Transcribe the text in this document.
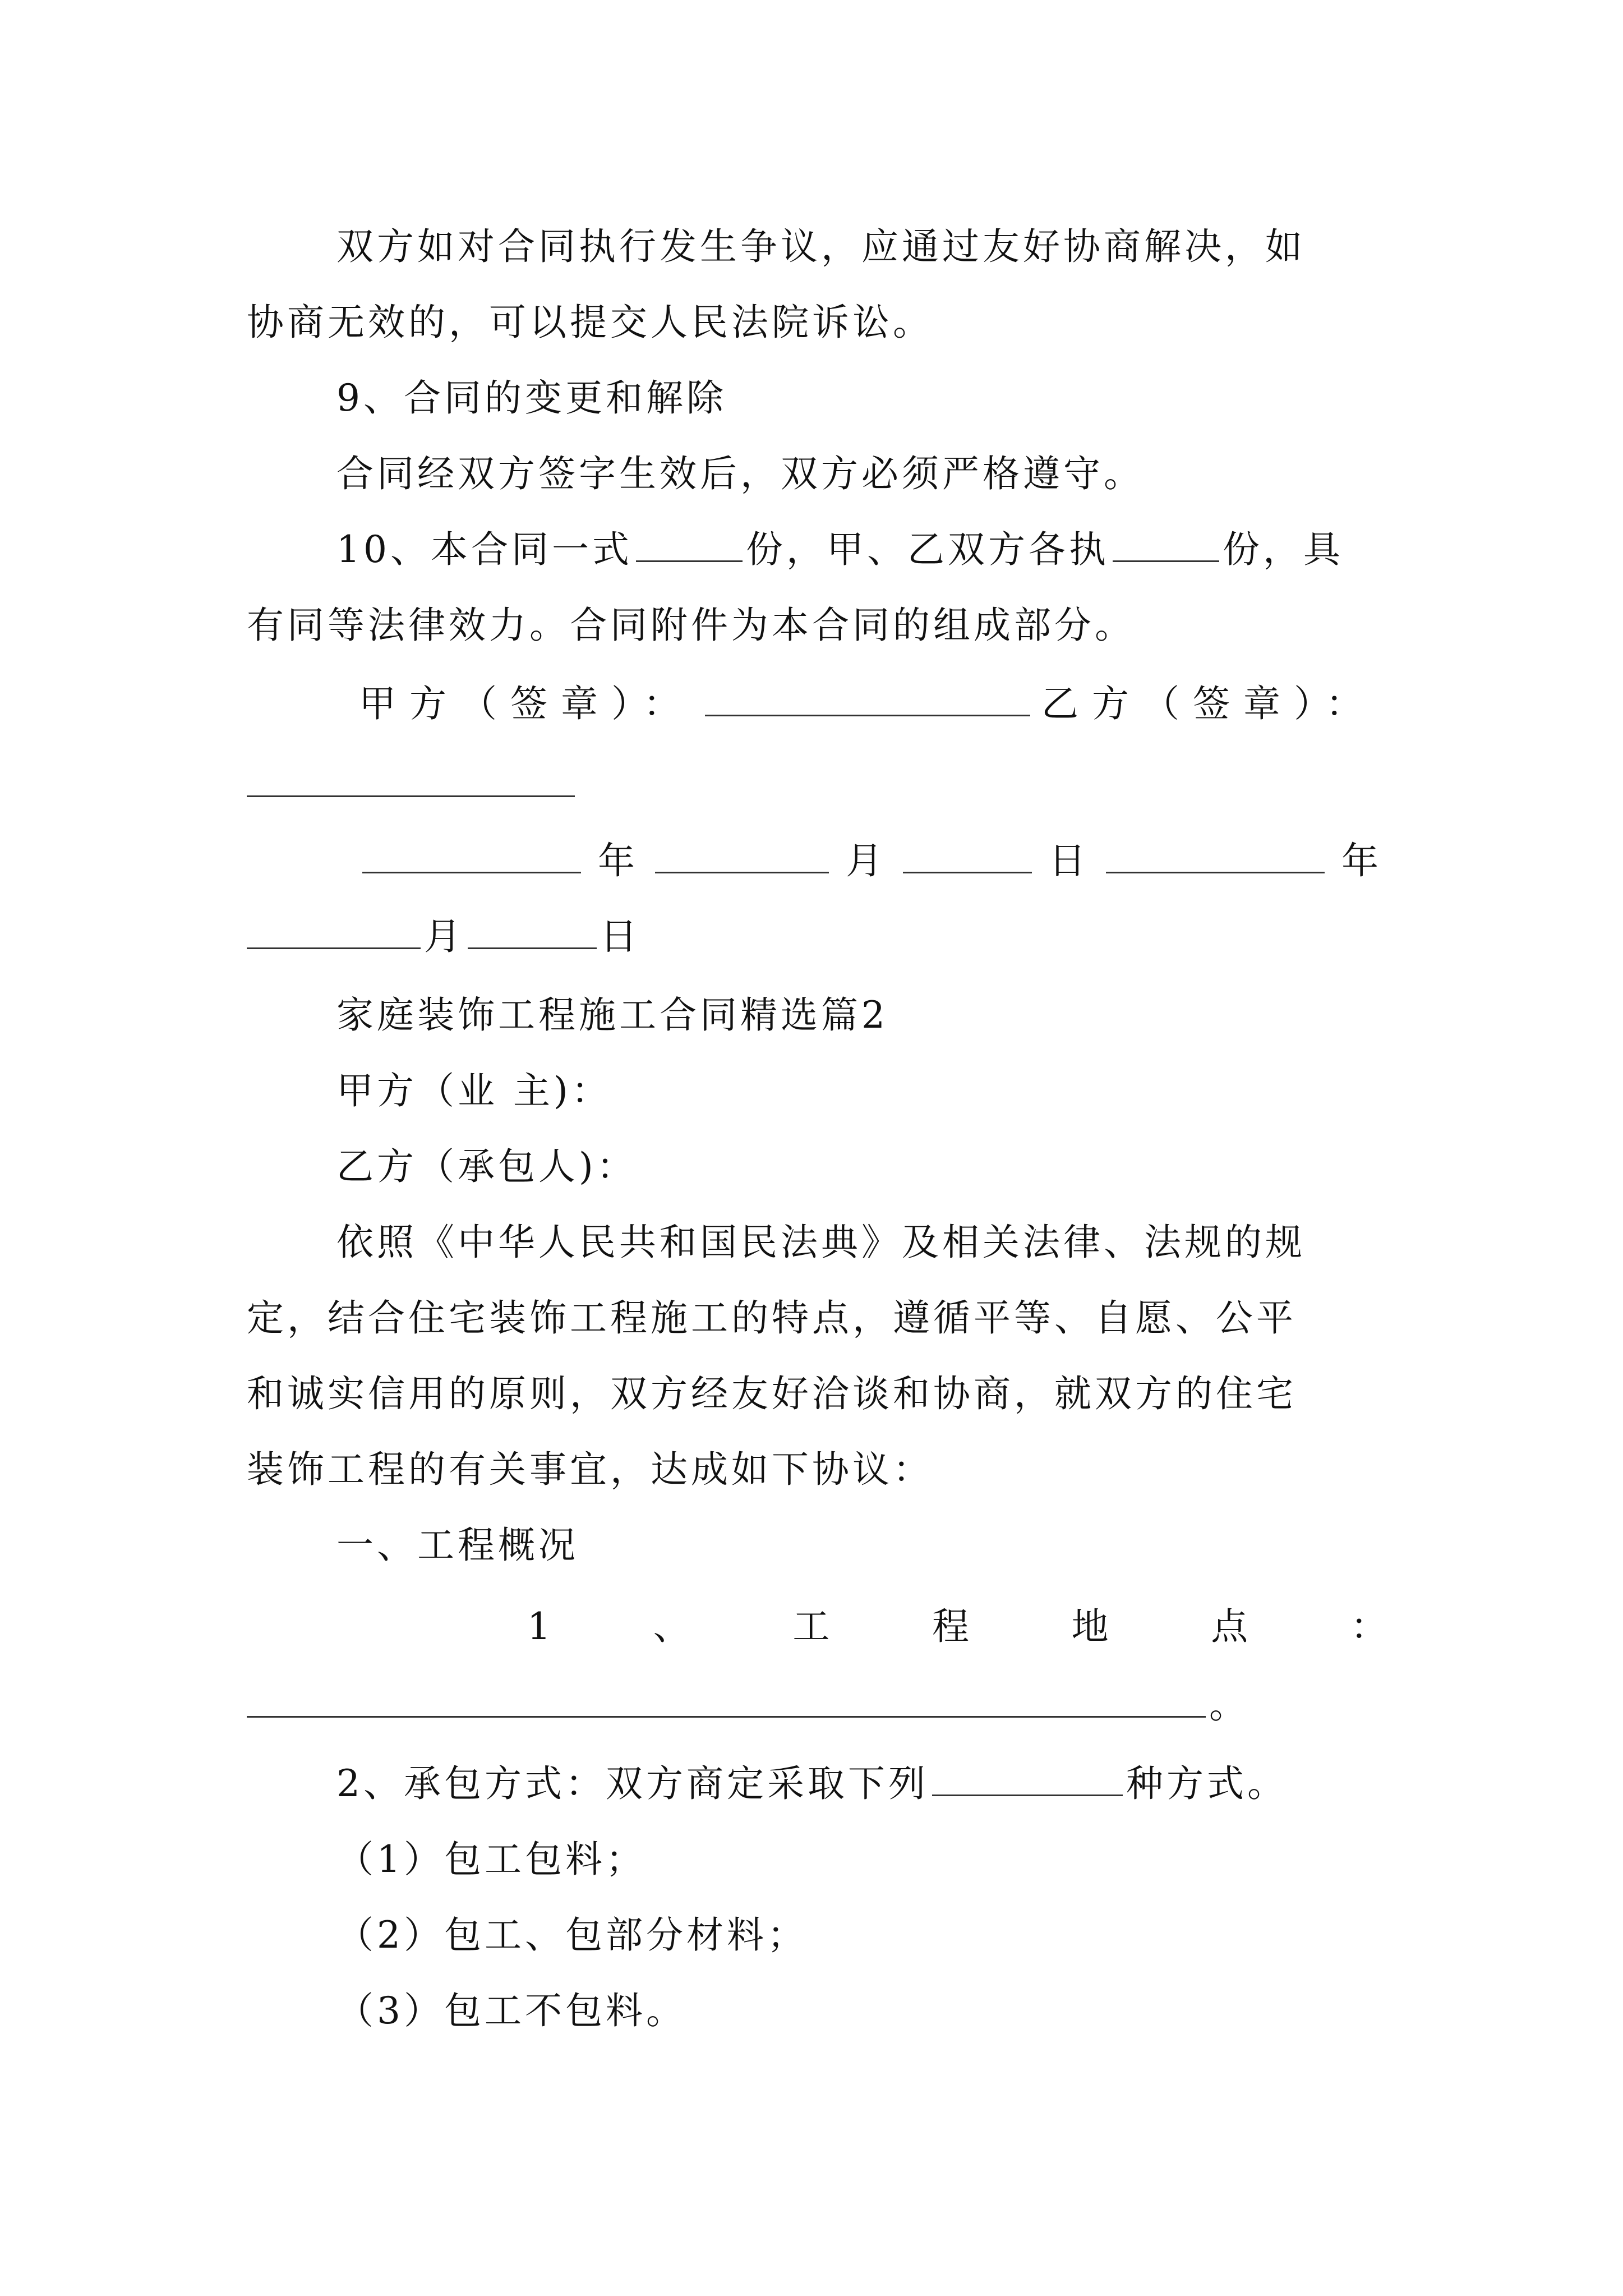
双方如对合同执行发生争议，应通过友好协商解决，如
协商无效的，可以提交人民法院诉讼。
9、合同的变更和解除
合同经双方签字生效后，双方必须严格遵守。
10、本合同一式	份，甲、乙双方各执	份，具
有同等法律效力。合同附件为本合同的组成部分。
甲方（签章）：	乙方（签章）：
年	月	日	年
月	日
家庭装饰工程施工合同精选篇2
甲方（业 主)：
乙方（承包人)：
依照《中华人民共和国民法典》及相关法律、法规的规
定，结合住宅装饰工程施工的特点，遵循平等、自愿、公平
和诚实信用的原则，双方经友好洽谈和协商，就双方的住宅
装饰工程的有关事宜，达成如下协议：
一、工程概况
1	、	工	程	地	点	：
。
2、承包方式：双方商定采取下列	种方式。
（1）包工包料；
（2）包工、包部分材料；
（3）包工不包料。
